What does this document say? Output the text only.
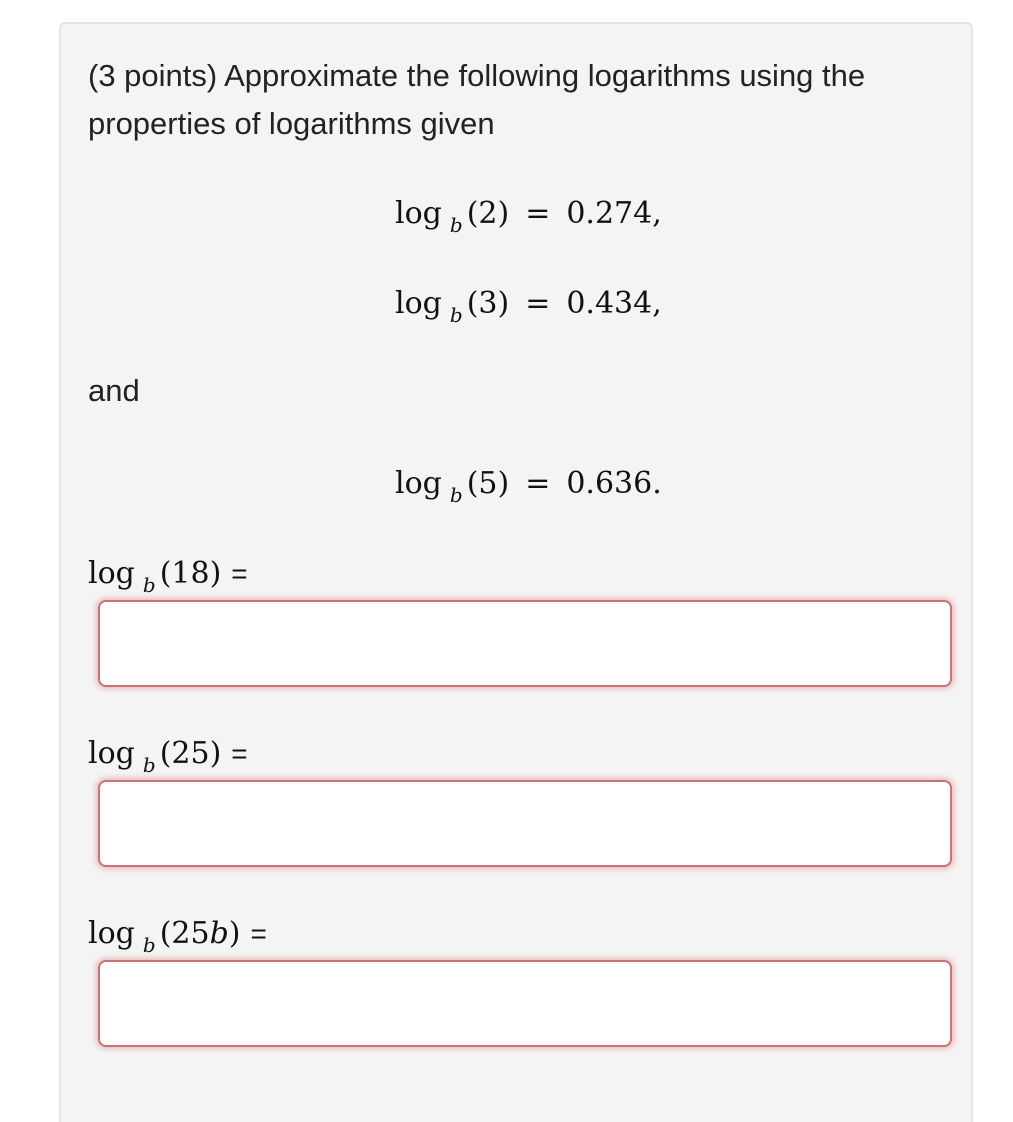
(3 points) Approximate the following logarithms using the properties of logarithms given

log $_b$ (2) = 0.274,
log $_b$ (3) = 0.434,

and

log $_b$ (5) = 0.636.
log $_b$ (18) =
log $_b$ (25) =
log $_b$ (25b) =
